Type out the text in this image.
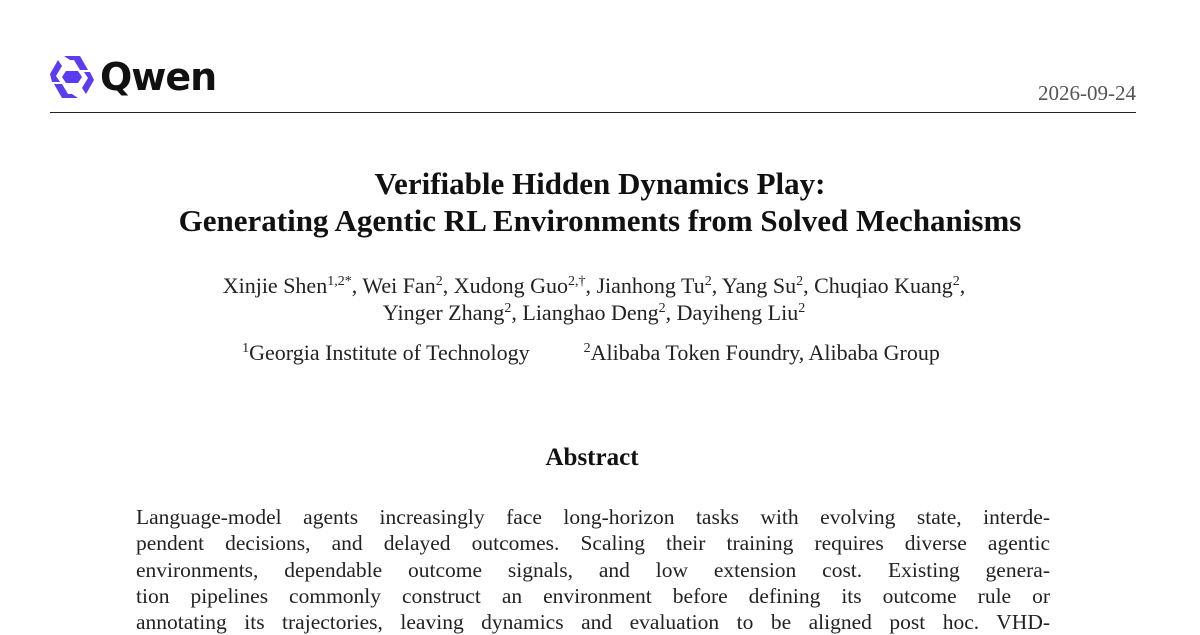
Qwen	2026-09-24
Verifiable Hidden Dynamics Play:
Generating Agentic RL Environments from Solved Mechanisms
Xinjie Shen$^{1,2*}$, Wei Fan$^2$, Xudong Guo$^{2,\dagger}$, Jianhong Tu$^2$, Yang Su$^2$, Chuqiao Kuang$^2$,
Yinger Zhang$^2$, Lianghao Deng$^2$, Dayiheng Liu$^2$
$^1$Georgia Institute of Technology	$^2$Alibaba Token Foundry, Alibaba Group
Abstract
Language-model agents increasingly face long-horizon tasks with evolving state, interde-
pendent decisions, and delayed outcomes. Scaling their training requires diverse agentic
environments, dependable outcome signals, and low extension cost. Existing genera-
tion pipelines commonly construct an environment before defining its outcome rule or
annotating its trajectories, leaving dynamics and evaluation to be aligned post hoc. VHD-
